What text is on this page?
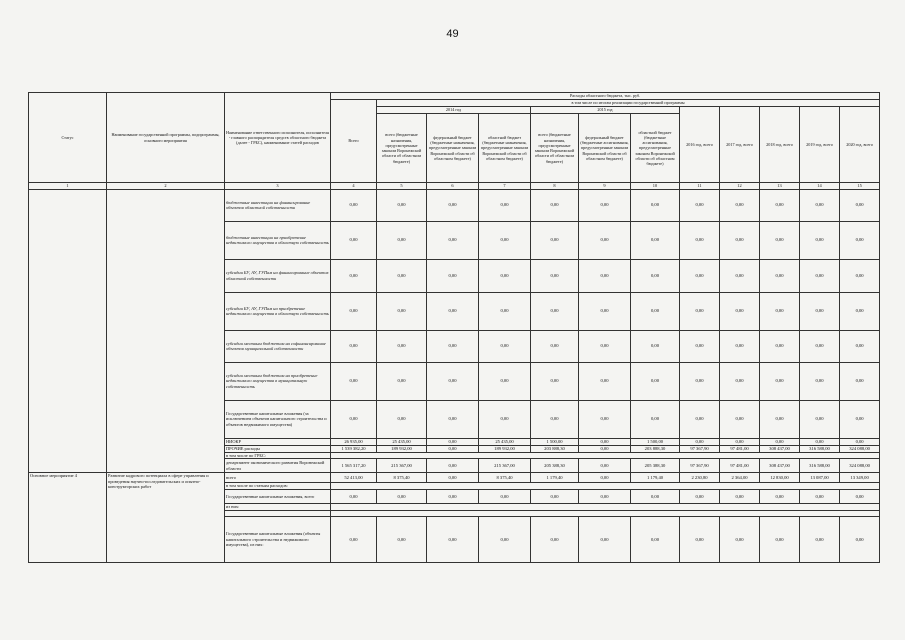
49
Статус	Наименование государственной программы, подпрограммы, основного мероприятия	Наименование ответственного исполнителя, исполнителя - главного распорядителя средств областного бюджета (далее - ГРБС), наименование статей расходов	Расходы областного бюджета, тыс. руб.											
			Всего	в том числе по итогам реализации государственной программы										
				2014 год			2015 год			2016 год, всего	2017 год, всего	2018 год, всего	2019 год, всего	2020 год, всего
				всего (бюджетные назначения, предусмотренные законом Воронежской области об областном бюджете)	федеральный бюджет (бюджетные назначения, предусмотренные законом Воронежской области об областном бюджете)	областной бюджет (бюджетные назначения, предусмотренные законом Воронежской области об областном бюджете)	всего (бюджетные назначения, предусмотренные законом Воронежской области об областном бюджете)	федеральный бюджет (бюджетные ассигнования, предусмотренные законом Воронежской области об областном бюджете)	областной бюджет (бюджетные ассигнования, предусмотренные законом Воронежской области об областном бюджете)					
1	2	3	4	5	6	7	8	9	10	11	12	13	14	15
		бюджетные инвестиции на финансирование объектов областной собственности	0,00	0,00	0,00	0,00	0,00	0,00	0,00	0,00	0,00	0,00	0,00	0,00
		бюджетные инвестиции на приобретение недвижимого имущества в областную собственность	0,00	0,00	0,00	0,00	0,00	0,00	0,00	0,00	0,00	0,00	0,00	0,00
		субсидии БУ, АУ, ГУПам на финансирование объектов областной собственности	0,00	0,00	0,00	0,00	0,00	0,00	0,00	0,00	0,00	0,00	0,00	0,00
		субсидии БУ, АУ, ГУПам на приобретение недвижимого имущества в областную собственность	0,00	0,00	0,00	0,00	0,00	0,00	0,00	0,00	0,00	0,00	0,00	0,00
		субсидии местным бюджетам на софинансирование объектов муниципальной собственности	0,00	0,00	0,00	0,00	0,00	0,00	0,00	0,00	0,00	0,00	0,00	0,00
		субсидии местным бюджетам на приобретение недвижимого имущества в муниципальную собственность	0,00	0,00	0,00	0,00	0,00	0,00	0,00	0,00	0,00	0,00	0,00	0,00
		Государственные капитальные вложения (за исключением объектов капитального строительства и объектов недвижимого имущества)	0,00	0,00	0,00	0,00	0,00	0,00	0,00	0,00	0,00	0,00	0,00	0,00
		НИОКР	26 935,00	25 435,00	0,00	25 435,00	1 500,00	0,00	1 500,00	0,00	0,00	0,00	0,00	0,00
		ПРОЧИЕ расходы	1 539 382,20	189 932,00	0,00	189 932,00	203 888,30	0,00	203 888,30	97 367,90	97 481,00	308 437,00	316 588,00	324 088,00
		в том числе по ГРБС:												
		департамент экономического развития Воронежской области	1 565 317,20	215 367,00	0,00	215 367,00	205 388,30	0,00	205 388,30	97 367,90	97 481,00	308 437,00	316 588,00	324 088,00
Основное мероприятие 4	Развитие кадрового потенциала в сфере управления и проведения научно-исследовательских и опытно-конструкторских работ	всего	52 413,00	8 375,40	0,00	8 375,40	1 179,40	0,00	1 179,40	2 230,80	2 364,00	12 830,00	13 087,00	13 349,00
		в том числе по статьям расходов:												
		Государственные капитальные вложения, всего	0,00	0,00	0,00	0,00	0,00	0,00	0,00	0,00	0,00	0,00	0,00	0,00
		из них:												

		Государственные капитальные вложения (объекты капитального строительства и недвижимого имущества), из них:	0,00	0,00	0,00	0,00	0,00	0,00	0,00	0,00	0,00	0,00	0,00	0,00
